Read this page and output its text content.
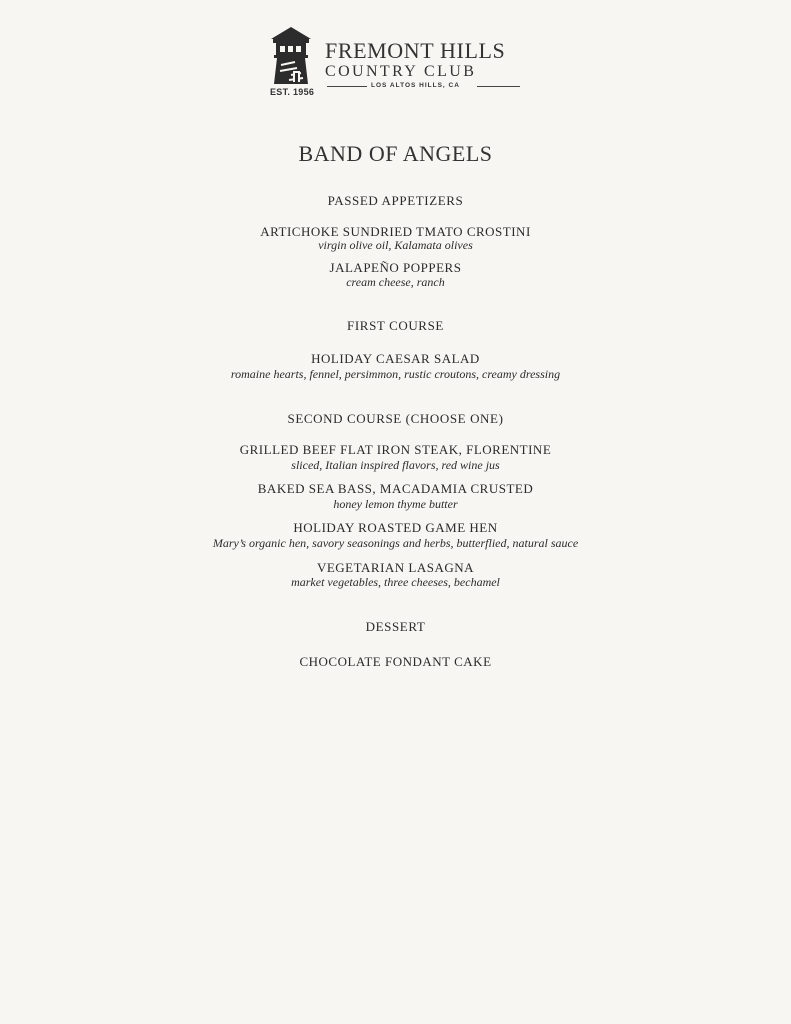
EST. 1956
FREMONT HILLS
COUNTRY CLUB
LOS ALTOS HILLS, CA
BAND OF ANGELS
PASSED APPETIZERS
ARTICHOKE SUNDRIED TMATO CROSTINI
virgin olive oil, Kalamata olives
JALAPEÑO POPPERS
cream cheese, ranch
FIRST COURSE
HOLIDAY CAESAR SALAD
romaine hearts, fennel, persimmon, rustic croutons, creamy dressing
SECOND COURSE (CHOOSE ONE)
GRILLED BEEF FLAT IRON STEAK, FLORENTINE
sliced, Italian inspired flavors, red wine jus
BAKED SEA BASS, MACADAMIA CRUSTED
honey lemon thyme butter
HOLIDAY ROASTED GAME HEN
Mary’s organic hen, savory seasonings and herbs, butterflied, natural sauce
VEGETARIAN LASAGNA
market vegetables, three cheeses, bechamel
DESSERT
CHOCOLATE FONDANT CAKE
